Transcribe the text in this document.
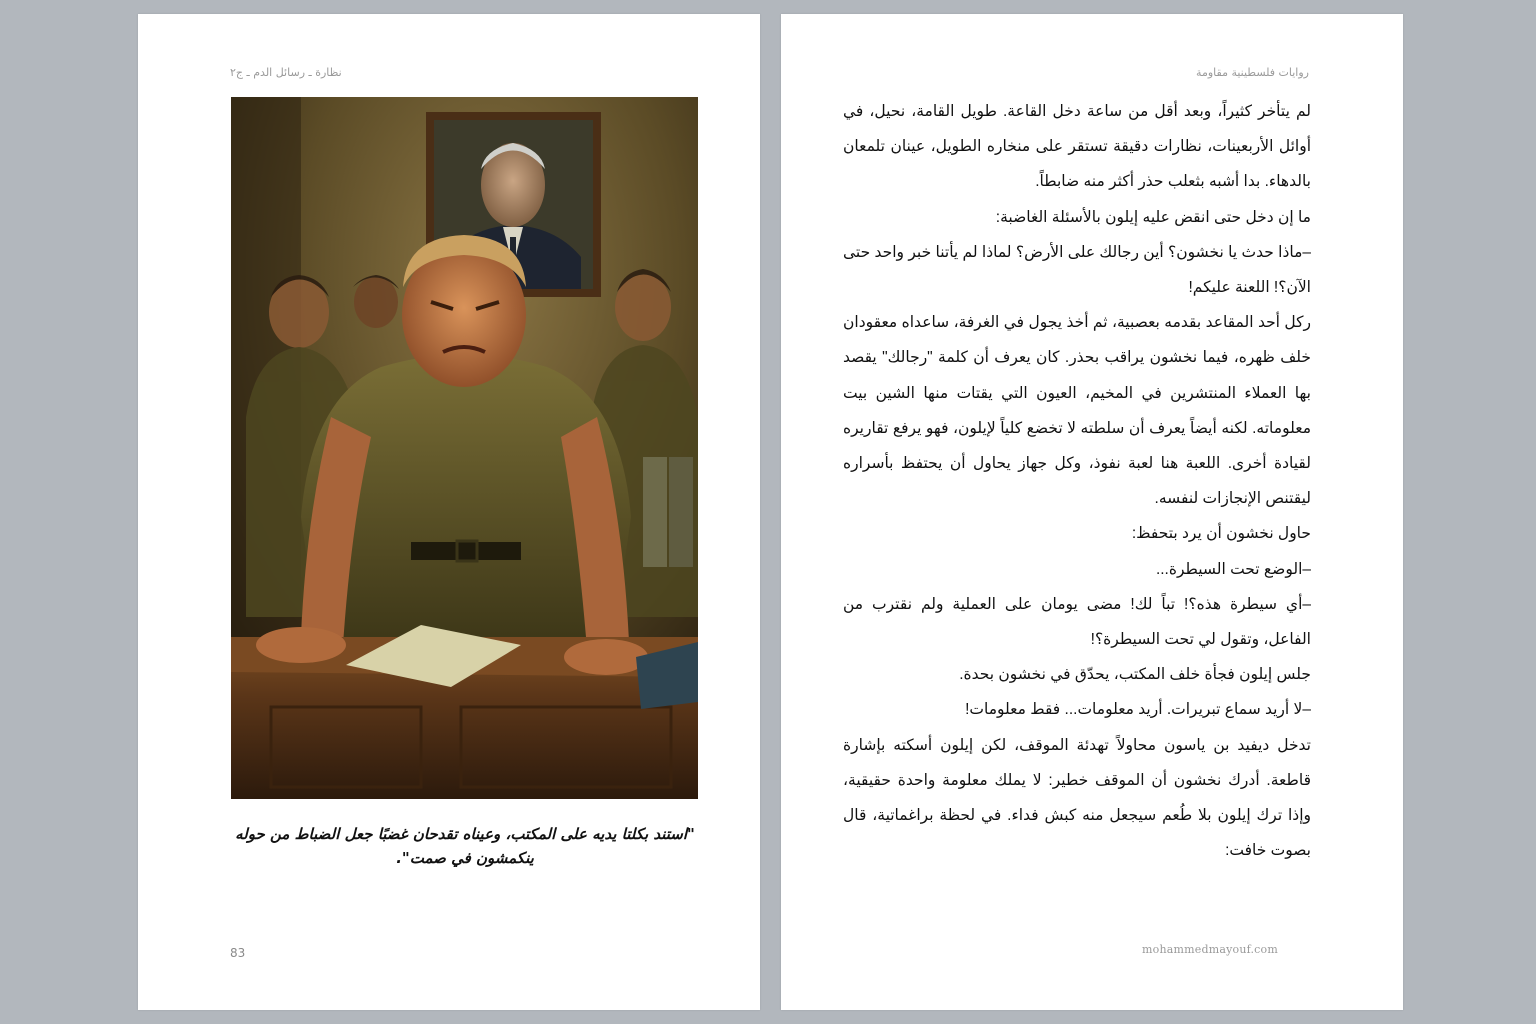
نظارة ـ رسائل الدم ـ ج٢
"استند بكلتا يديه على المكتب، وعيناه تقدحان غضبًا جعل الضباط من حوله ينكمشون في صمت".
83
روايات فلسطينية مقاومة

لم يتأخر كثيراً، وبعد أقل من ساعة دخل القاعة. طويل القامة، نحيل، في أوائل الأربعينات، نظارات دقيقة تستقر على منخاره الطويل، عينان تلمعان بالدهاء. بدا أشبه بثعلب حذر أكثر منه ضابطاً.

ما إن دخل حتى انقض عليه إيلون بالأسئلة الغاضبة:

–ماذا حدث يا نخشون؟ أين رجالك على الأرض؟ لماذا لم يأتنا خبر واحد حتى الآن؟! اللعنة عليكم!

ركل أحد المقاعد بقدمه بعصبية، ثم أخذ يجول في الغرفة، ساعداه معقودان خلف ظهره، فيما نخشون يراقب بحذر. كان يعرف أن كلمة "رجالك" يقصد بها العملاء المنتشرين في المخيم، العيون التي يقتات منها الشين بيت معلوماته. لكنه أيضاً يعرف أن سلطته لا تخضع كلياً لإيلون، فهو يرفع تقاريره لقيادة أخرى. اللعبة هنا لعبة نفوذ، وكل جهاز يحاول أن يحتفظ بأسراره ليقتنص الإنجازات لنفسه.

حاول نخشون أن يرد بتحفظ:

–الوضع تحت السيطرة...

–أي سيطرة هذه؟! تباً لك! مضى يومان على العملية ولم نقترب من الفاعل، وتقول لي تحت السيطرة؟!

جلس إيلون فجأة خلف المكتب، يحدّق في نخشون بحدة.

–لا أريد سماع تبريرات. أريد معلومات... فقط معلومات!

تدخل ديفيد بن ياسون محاولاً تهدئة الموقف، لكن إيلون أسكته بإشارة قاطعة. أدرك نخشون أن الموقف خطير: لا يملك معلومة واحدة حقيقية، وإذا ترك إيلون بلا طُعم سيجعل منه كبش فداء. في لحظة براغماتية، قال بصوت خافت:

mohammedmayouf.com
